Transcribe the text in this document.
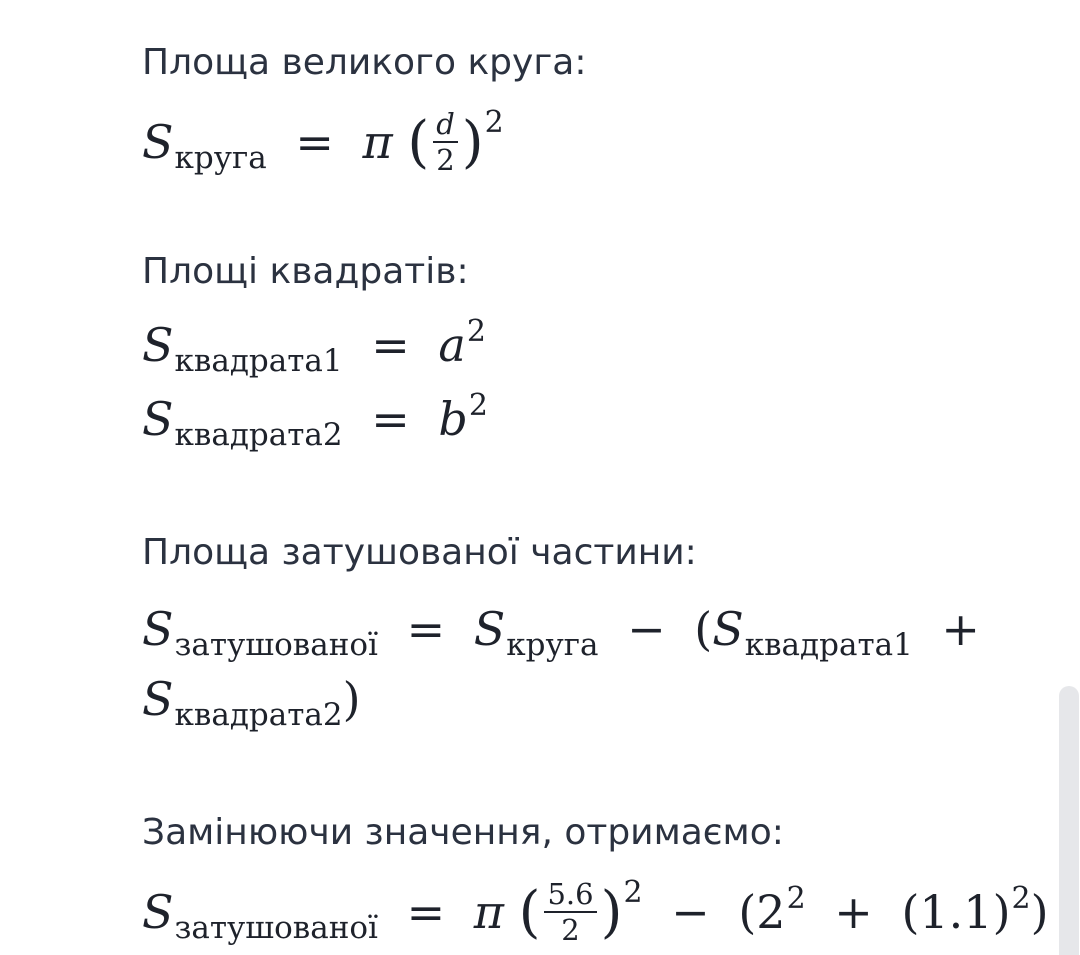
Площа великого круга:
$S_{круга} = \pi$ ( $\frac{d}{2} )^2$
Площі квадратів:
$S_{квадрата1} = a^2$
$S_{квадрата2} = b^2$
Площа затушованої частини:
$S_{затушованої} = S_{круга} - (S_{квадрата1}$ +
$S_{квадрата2}$)
Замінюючи значення, отримаємо:
$S_{затушованої} = \pi$ ( $\frac{5.6}{2} )^2 - (2^2 + (1.1)^2)$
